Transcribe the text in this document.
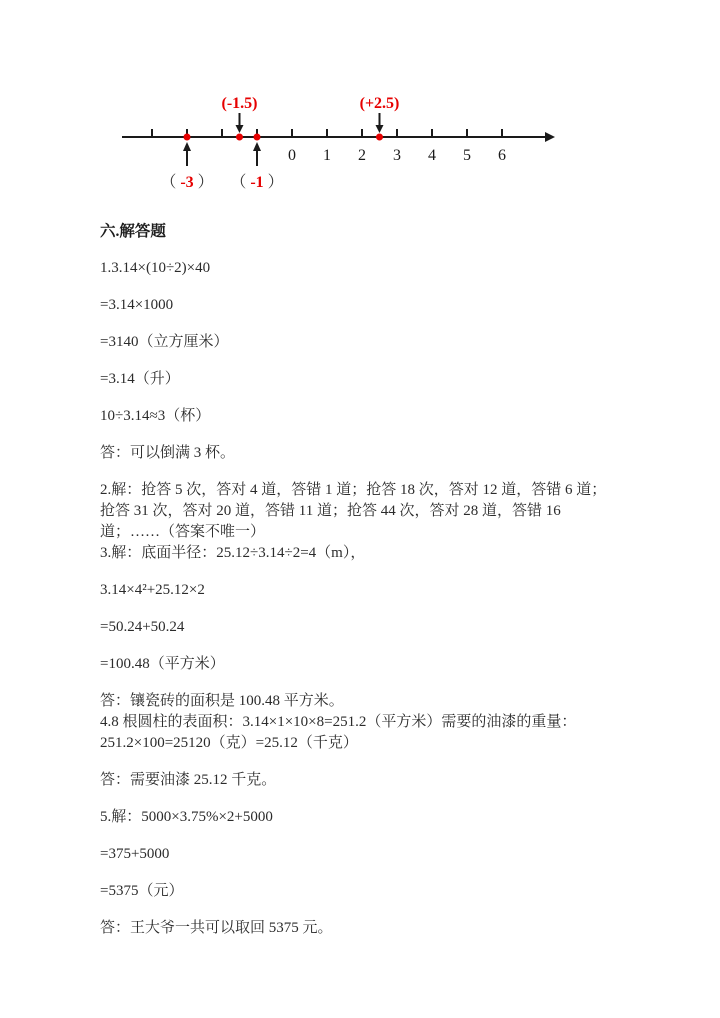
0 1 2 3 4 5 6
(-1.5)	(+2.5)
（ -3 ） （ -1 ）
六.解答题
1.3.14×(10÷2)×40
=3.14×1000
=3140（立方厘米）
=3.14（升）
10÷3.14≈3（杯）
答：可以倒满 3 杯。
2.解：抢答 5 次，答对 4 道，答错 1 道；抢答 18 次，答对 12 道，答错 6 道；
抢答 31 次，答对 20 道，答错 11 道；抢答 44 次，答对 28 道，答错 16
道；……（答案不唯一）
3.解：底面半径：25.12÷3.14÷2=4（m），
3.14×4²+25.12×2
=50.24+50.24
=100.48（平方米）
答：镶瓷砖的面积是 100.48 平方米。
4.8 根圆柱的表面积：3.14×1×10×8=251.2（平方米）需要的油漆的重量：
251.2×100=25120（克）=25.12（千克）
答：需要油漆 25.12 千克。
5.解：5000×3.75%×2+5000
=375+5000
=5375（元）
答：王大爷一共可以取回 5375 元。
